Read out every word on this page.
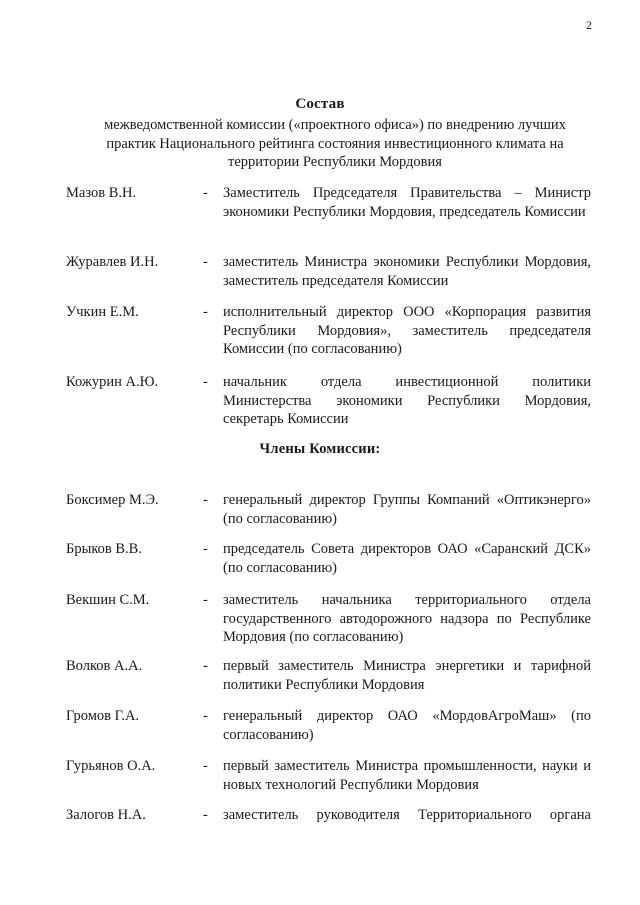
2
Состав
межведомственной комиссии («проектного офиса») по внедрению лучших практик Национального рейтинга состояния инвестиционного климата на территории Республики Мордовия
Мазов В.Н.	- Заместитель Председателя Правительства – Министр экономики Республики Мордовия, председатель Комиссии
Журавлев И.Н.	- заместитель Министра экономики Республики Мордовия, заместитель председателя Комиссии
Учкин Е.М.	- исполнительный директор ООО «Корпорация развития Республики Мордовия», заместитель председателя Комиссии (по согласованию)
Кожурин А.Ю.	- начальник отдела инвестиционной политики Министерства экономики Республики Мордовия, секретарь Комиссии
Члены Комиссии:
Боксимер М.Э.	- генеральный директор Группы Компаний «Оптикэнерго» (по согласованию)
Брыков В.В.	- председатель Совета директоров ОАО «Саранский ДСК» (по согласованию)
Векшин С.М.	- заместитель начальника территориального отдела государственного автодорожного надзора по Республике Мордовия (по согласованию)
Волков А.А.	- первый заместитель Министра энергетики и тарифной политики Республики Мордовия
Громов Г.А.	- генеральный директор ОАО «МордовАгроМаш» (по согласованию)
Гурьянов О.А.	- первый заместитель Министра промышленности, науки и новых технологий Республики Мордовия
Залогов Н.А.	- заместитель руководителя Территориального органа
